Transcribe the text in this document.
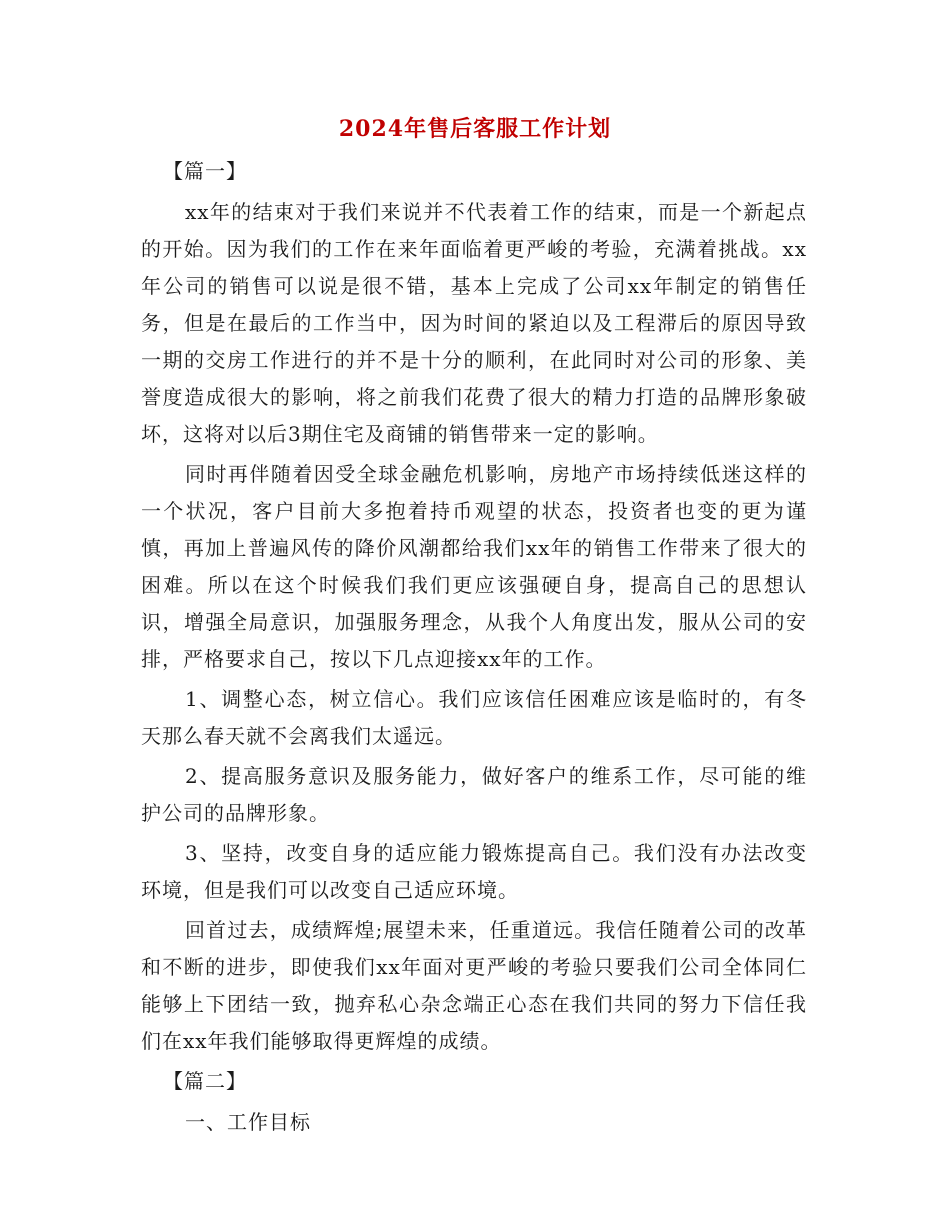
2024年售后客服工作计划

【篇一】

xx年的结束对于我们来说并不代表着工作的结束，而是一个新起点的开始。因为我们的工作在来年面临着更严峻的考验，充满着挑战。xx年公司的销售可以说是很不错，基本上完成了公司xx年制定的销售任务，但是在最后的工作当中，因为时间的紧迫以及工程滞后的原因导致一期的交房工作进行的并不是十分的顺利，在此同时对公司的形象、美誉度造成很大的影响，将之前我们花费了很大的精力打造的品牌形象破坏，这将对以后3期住宅及商铺的销售带来一定的影响。

同时再伴随着因受全球金融危机影响，房地产市场持续低迷这样的一个状况，客户目前大多抱着持币观望的状态，投资者也变的更为谨慎，再加上普遍风传的降价风潮都给我们xx年的销售工作带来了很大的困难。所以在这个时候我们我们更应该强硬自身，提高自己的思想认识，增强全局意识，加强服务理念，从我个人角度出发，服从公司的安排，严格要求自己，按以下几点迎接xx年的工作。

1、调整心态，树立信心。我们应该信任困难应该是临时的，有冬天那么春天就不会离我们太遥远。

2、提高服务意识及服务能力，做好客户的维系工作，尽可能的维护公司的品牌形象。

3、坚持，改变自身的适应能力锻炼提高自己。我们没有办法改变环境，但是我们可以改变自己适应环境。

回首过去，成绩辉煌;展望未来，任重道远。我信任随着公司的改革和不断的进步，即使我们xx年面对更严峻的考验只要我们公司全体同仁能够上下团结一致，抛弃私心杂念端正心态在我们共同的努力下信任我们在xx年我们能够取得更辉煌的成绩。

【篇二】

一、工作目标
